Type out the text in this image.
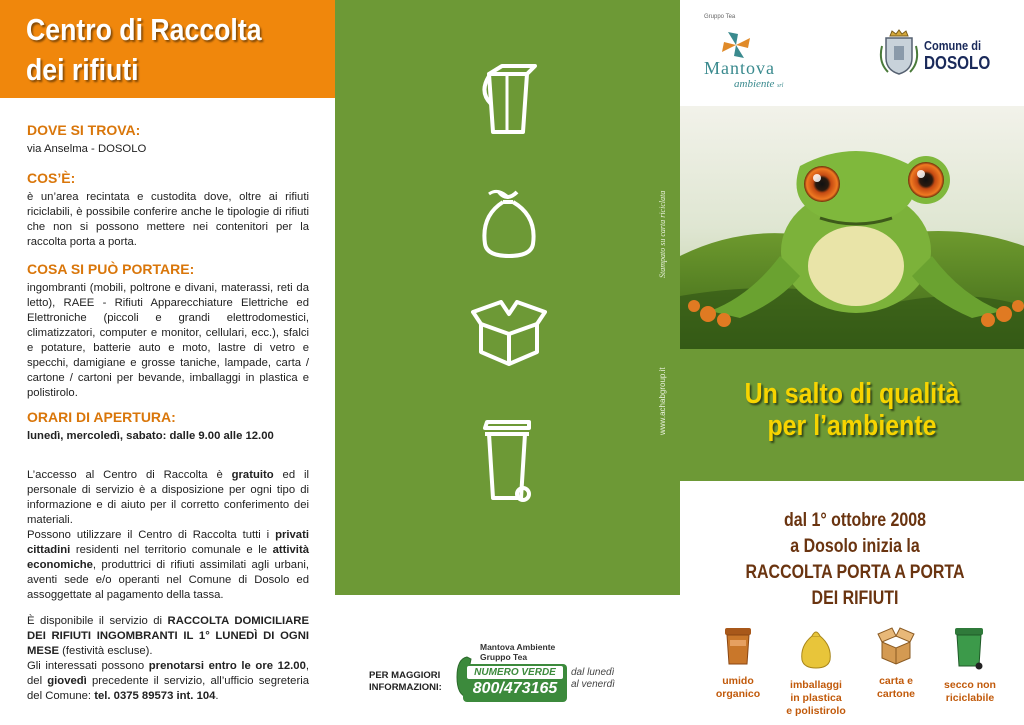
Centro di Raccolta
dei rifiuti

DOVE SI TROVA:

via Anselma - DOSOLO

COS’È:

è un’area recintata e custodita dove, oltre ai rifiuti riciclabili, è possibile conferire anche le tipologie di rifiuti che non si possono mettere nei contenitori per la raccolta porta a porta.

COSA SI PUÒ PORTARE:

ingombranti (mobili, poltrone e divani, materassi, reti da letto), RAEE - Rifiuti Apparecchiature Elettriche ed Elettroniche (piccoli e grandi elettrodomestici, climatizzatori, computer e monitor, cellulari, ecc.), sfalci e potature, batterie auto e moto, lastre di vetro e specchi, damigiane e grosse taniche, lampade, carta / cartone / cartoni per bevande, imballaggi in plastica e polistirolo.

ORARI DI APERTURA:

lunedì, mercoledì, sabato: dalle 9.00 alle 12.00

L’accesso al Centro di Raccolta è gratuito ed il personale di servizio è a disposizione per ogni tipo di informazione e di aiuto per il corretto conferimento dei materiali.

Possono utilizzare il Centro di Raccolta tutti i privati cittadini residenti nel territorio comunale e le attività economiche, produttrici di rifiuti assimilati agli urbani, aventi sede e/o operanti nel Comune di Dosolo ed assoggettate al pagamento della tassa.

È disponibile il servizio di RACCOLTA DOMICILIARE DEI RIFIUTI INGOMBRANTI IL 1° LUNEDÌ DI OGNI MESE (festività escluse).

Gli interessati possono prenotarsi entro le ore 12.00, del giovedì precedente il servizio, all’ufficio segreteria del Comune: tel. 0375 89573 int. 104.

Stampato su carta riciclata
www.achabgroup.it
PER MAGGIORI
INFORMAZIONI:
Mantova Ambiente
Gruppo Tea
NUMERO VERDE
800/473165
dal lunedì
al venerdì
Gruppo Tea
Mantova
ambiente srl
Comune di
DOSOLO
Un salto di qualità
per l’ambiente
dal 1° ottobre 2008
a Dosolo inizia la
RACCOLTA PORTA A PORTA
DEI RIFIUTI
umido
organico
imballaggi
in plastica
e polistirolo
carta e
cartone
secco non
riciclabile
